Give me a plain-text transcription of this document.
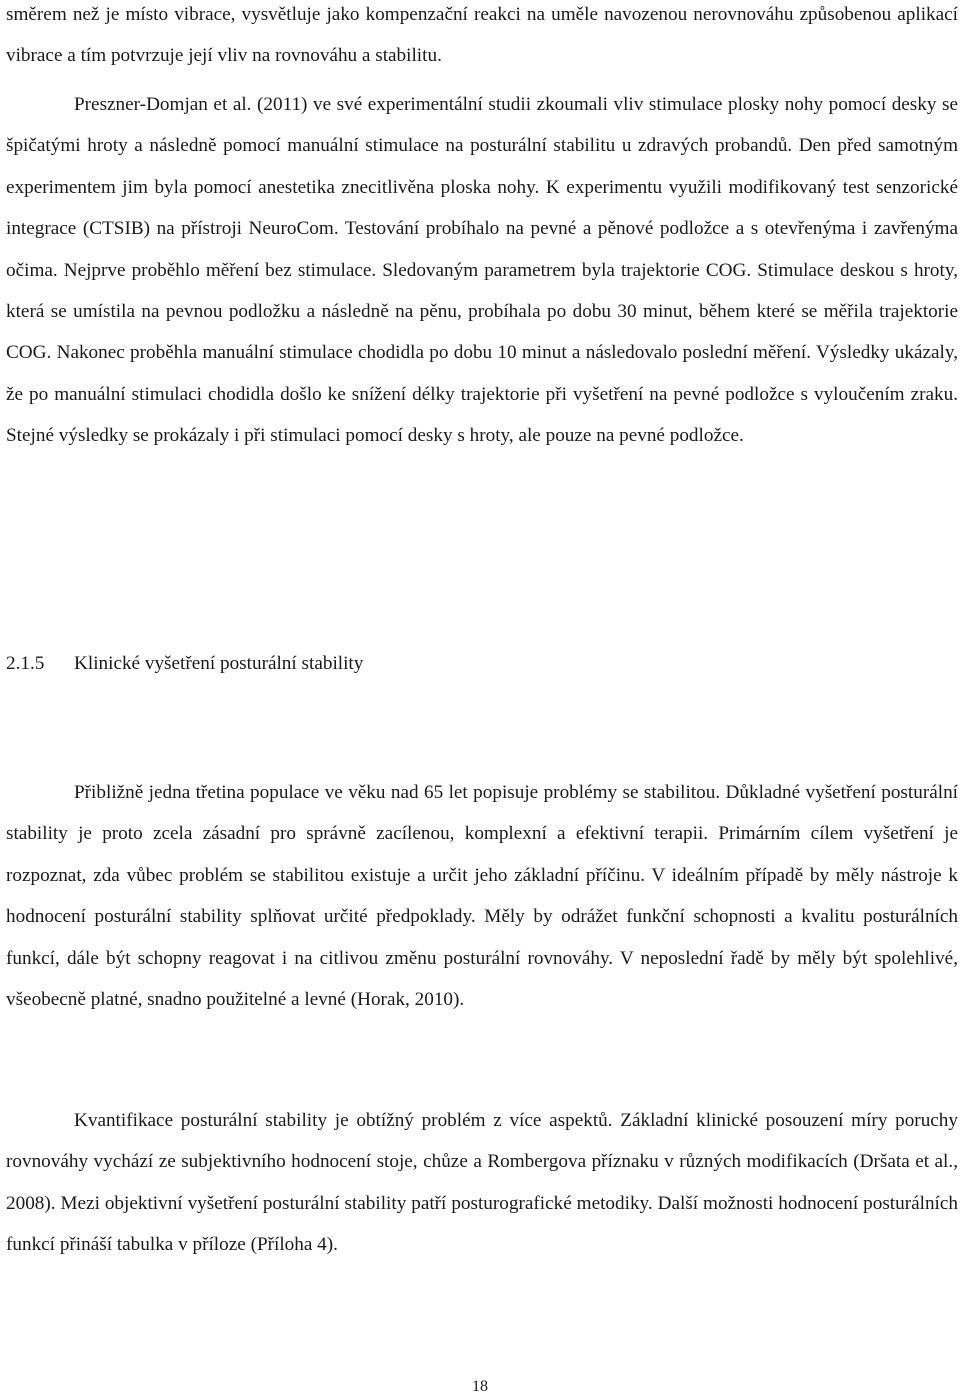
směrem než je místo vibrace, vysvětluje jako kompenzační reakci na uměle navozenou nerovnováhu způsobenou aplikací vibrace a tím potvrzuje její vliv na rovnováhu a stabilitu.

Preszner-Domjan et al. (2011) ve své experimentální studii zkoumali vliv stimulace plosky nohy pomocí desky se špičatými hroty a následně pomocí manuální stimulace na posturální stabilitu u zdravých probandů. Den před samotným experimentem jim byla pomocí anestetika znecitlivěna ploska nohy. K experimentu využili modifikovaný test senzorické integrace (CTSIB) na přístroji NeuroCom. Testování probíhalo na pevné a pěnové podložce a s otevřenýma i zavřenýma očima. Nejprve proběhlo měření bez stimulace. Sledovaným parametrem byla trajektorie COG. Stimulace deskou s hroty, která se umístila na pevnou podložku a následně na pěnu, probíhala po dobu 30 minut, během které se měřila trajektorie COG. Nakonec proběhla manuální stimulace chodidla po dobu 10 minut a následovalo poslední měření. Výsledky ukázaly, že po manuální stimulaci chodidla došlo ke snížení délky trajektorie při vyšetření na pevné podložce s vyloučením zraku. Stejné výsledky se prokázaly i při stimulaci pomocí desky s hroty, ale pouze na pevné podložce.

2.1.5 Klinické vyšetření posturální stability

Přibližně jedna třetina populace ve věku nad 65 let popisuje problémy se stabilitou. Důkladné vyšetření posturální stability je proto zcela zásadní pro správně zacílenou, komplexní a efektivní terapii. Primárním cílem vyšetření je rozpoznat, zda vůbec problém se stabilitou existuje a určit jeho základní příčinu. V ideálním případě by měly nástroje k hodnocení posturální stability splňovat určité předpoklady. Měly by odrážet funkční schopnosti a kvalitu posturálních funkcí, dále být schopny reagovat i na citlivou změnu posturální rovnováhy. V neposlední řadě by měly být spolehlivé, všeobecně platné, snadno použitelné a levné (Horak, 2010).

Kvantifikace posturální stability je obtížný problém z více aspektů. Základní klinické posouzení míry poruchy rovnováhy vychází ze subjektivního hodnocení stoje, chůze a Rombergova příznaku v různých modifikacích (Dršata et al., 2008). Mezi objektivní vyšetření posturální stability patří posturografické metodiky. Další možnosti hodnocení posturálních funkcí přináší tabulka v příloze (Příloha 4).

18
